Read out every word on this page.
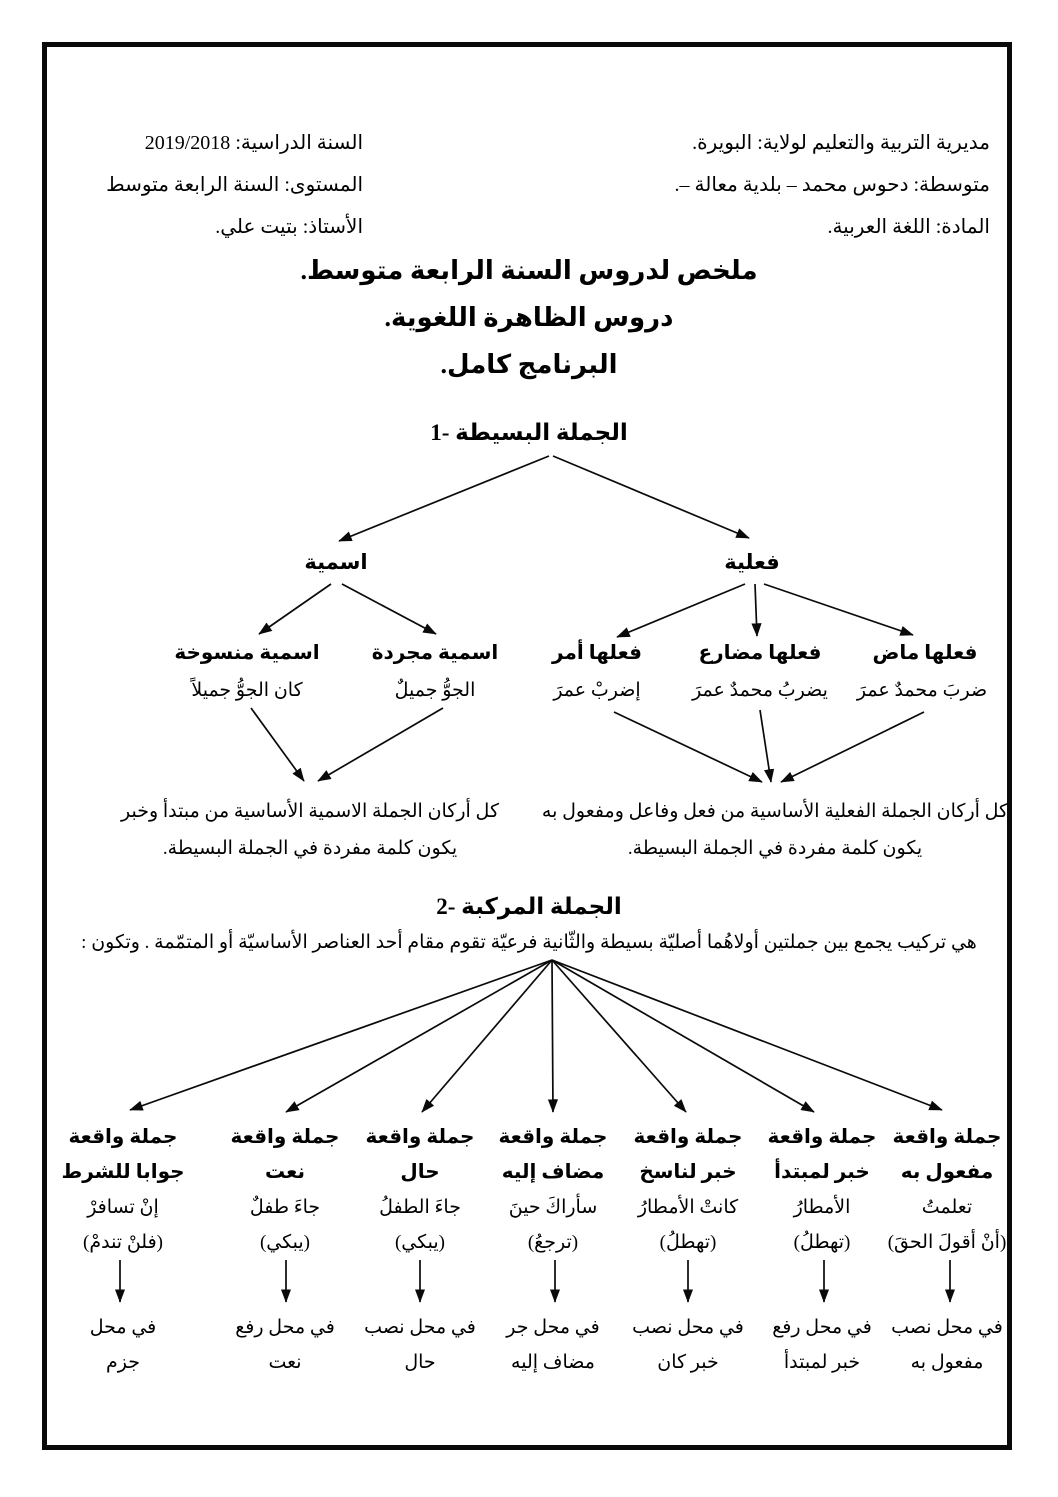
مديرية التربية والتعليم لولاية: البويرة.
متوسطة: دحوس محمد – بلدية معالة –.
المادة: اللغة العربية.
السنة الدراسية: 2019/2018
المستوى: السنة الرابعة متوسط
الأستاذ: بتيت علي.
ملخص لدروس السنة الرابعة متوسط.
دروس الظاهرة اللغوية.
البرنامج كامل.
1- الجملة البسيطة
اسمية	فعلية
اسمية منسوخة	اسمية مجردة	فعلها أمر	فعلها مضارع	فعلها ماض
كان الجوُّ جميلاً	الجوُّ جميلٌ	إضربْ عمرَ	يضربُ محمدٌ عمرَ	ضربَ محمدٌ عمرَ
كل أركان الجملة الاسمية الأساسية من مبتدأ وخبر
يكون كلمة مفردة في الجملة البسيطة.
كل أركان الجملة الفعلية الأساسية من فعل وفاعل ومفعول به
يكون كلمة مفردة في الجملة البسيطة.
2- الجملة المركبة
هي تركيب يجمع بين جملتين أولاهُما أصليّة بسيطة والثّانية فرعيّة تقوم مقام أحد العناصر الأساسيّة أو المتمّمة . وتكون :
جملة واقعة
مفعول به
تعلمتُ
(أنْ أقولَ الحقَ)
في محل نصب
مفعول به
جملة واقعة
خبر لمبتدأ
الأمطارُ
(تهطلُ)
في محل رفع
خبر لمبتدأ
جملة واقعة
خبر لناسخ
كانتْ الأمطارُ
(تهطلُ)
في محل نصب
خبر كان
جملة واقعة
مضاف إليه
سأراكَ حينَ
(ترجعُ)
في محل جر
مضاف إليه
جملة واقعة
حال
جاءَ الطفلُ
(يبكي)
في محل نصب
حال
جملة واقعة
نعت
جاءَ طفلٌ
(يبكي)
في محل رفع
نعت
جملة واقعة
جوابا للشرط
إنْ تسافرْ
(فلنْ تندمْ)
في محل
جزم
